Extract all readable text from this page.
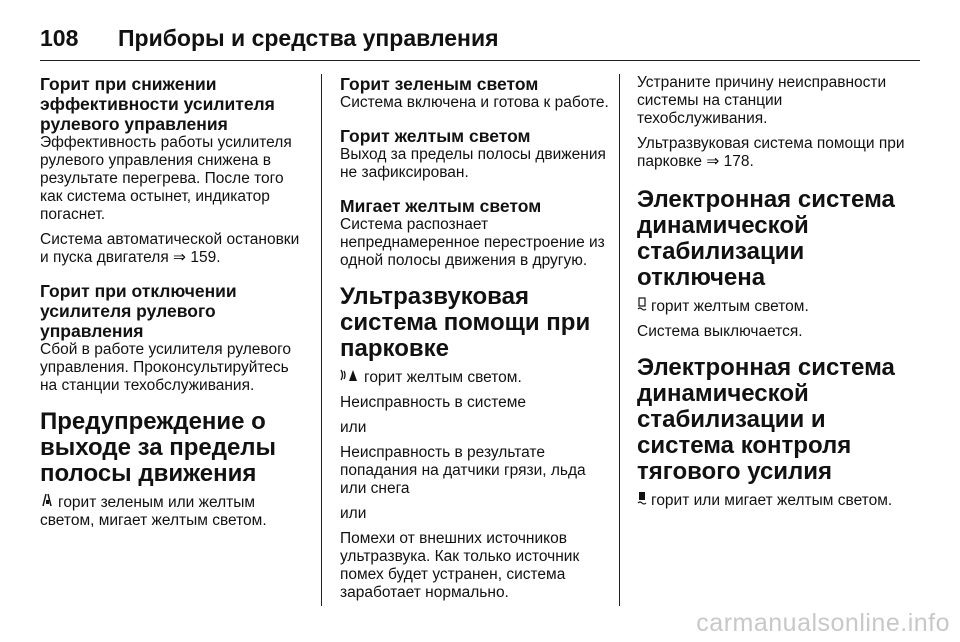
108	Приборы и средства управления
Горит при снижении эффективности усилителя рулевого управления

Эффективность работы усилителя рулевого управления снижена в результате перегрева. После того как система остынет, индикатор погаснет.

Система автоматической остановки и пуска двигателя ⇒ 159.

Горит при отключении усилителя рулевого управления

Сбой в работе усилителя рулевого управления. Проконсультируйтесь на станции техобслуживания.

Предупреждение о выходе за пределы полосы движения

горит зеленым или желтым светом, мигает желтым светом.

Горит зеленым светом

Система включена и готова к работе.

Горит желтым светом

Выход за пределы полосы движения не зафиксирован.

Мигает желтым светом

Система распознает непреднамеренное перестроение из одной полосы движения в другую.

Ультразвуковая система помощи при парковке

горит желтым светом.

Неисправность в системе

или

Неисправность в результате попадания на датчики грязи, льда или снега

или

Помехи от внешних источников ультразвука. Как только источник помех будет устранен, система заработает нормально.

Устраните причину неисправности системы на станции техобслуживания.

Ультразвуковая система помощи при парковке ⇒ 178.

Электронная система динамической стабилизации отключена

горит желтым светом.

Система выключается.

Электронная система динамической стабилизации и система контроля тягового усилия

горит или мигает желтым светом.

carmanualsonline.info
